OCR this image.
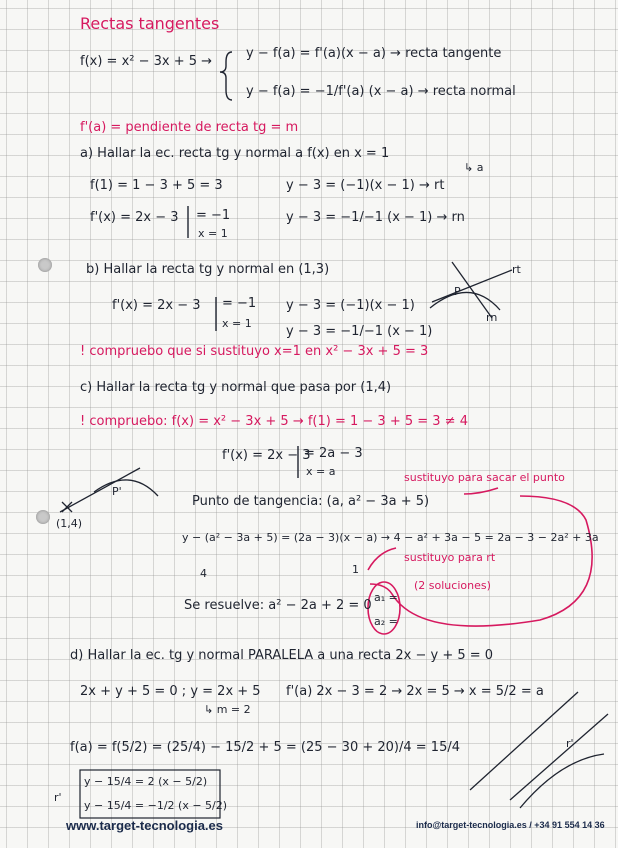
Rectas tangentes
f(x) = x² − 3x + 5 →
y − f(a) = f'(a)(x − a) → recta tangente
y − f(a) = −1/f'(a) (x − a) → recta normal
f'(a) = pendiente de recta tg = m
a) Hallar la ec. recta tg y normal a f(x) en x = 1
↳ a
f(1) = 1 − 3 + 5 = 3	y − 3 = (−1)(x − 1) → rt
f'(x) = 2x − 3 = −1
x = 1
y − 3 = −1/−1 (x − 1) → rn
b) Hallar la recta tg y normal en (1,3)
f'(x) = 2x − 3 = −1
x = 1
y − 3 = (−1)(x − 1)
y − 3 = −1/−1 (x − 1)
rt
rn
P
! compruebo que si sustituyo x=1 en x² − 3x + 5 = 3
c) Hallar la recta tg y normal que pasa por (1,4)
! compruebo: f(x) = x² − 3x + 5 → f(1) = 1 − 3 + 5 = 3 ≠ 4
f'(x) = 2x − 3
= 2a − 3
x = a	sustituyo para sacar el punto
(1,4)
P'
Punto de tangencia: (a, a² − 3a + 5)
y − (a² − 3a + 5) = (2a − 3)(x − a) → 4 − a² + 3a − 5 = 2a − 3 − 2a² + 3a
4	1
sustituyo para rt
(2 soluciones)
Se resuelve: a² − 2a + 2 = 0
a₁ =
a₂ =
d) Hallar la ec. tg y normal PARALELA a una recta 2x − y + 5 = 0
2x + y + 5 = 0 ; y = 2x + 5
↳ m = 2
f'(a) 2x − 3 = 2 → 2x = 5 → x = 5/2 = a
f(a) = f(5/2) = (25/4) − 15/2 + 5 = (25 − 30 + 20)/4 = 15/4
y − 15/4 = 2 (x − 5/2)
y − 15/4 = −1/2 (x − 5/2)
r'
r'
www.target-tecnologia.es	info@target-tecnologia.es / +34 91 554 14 36
